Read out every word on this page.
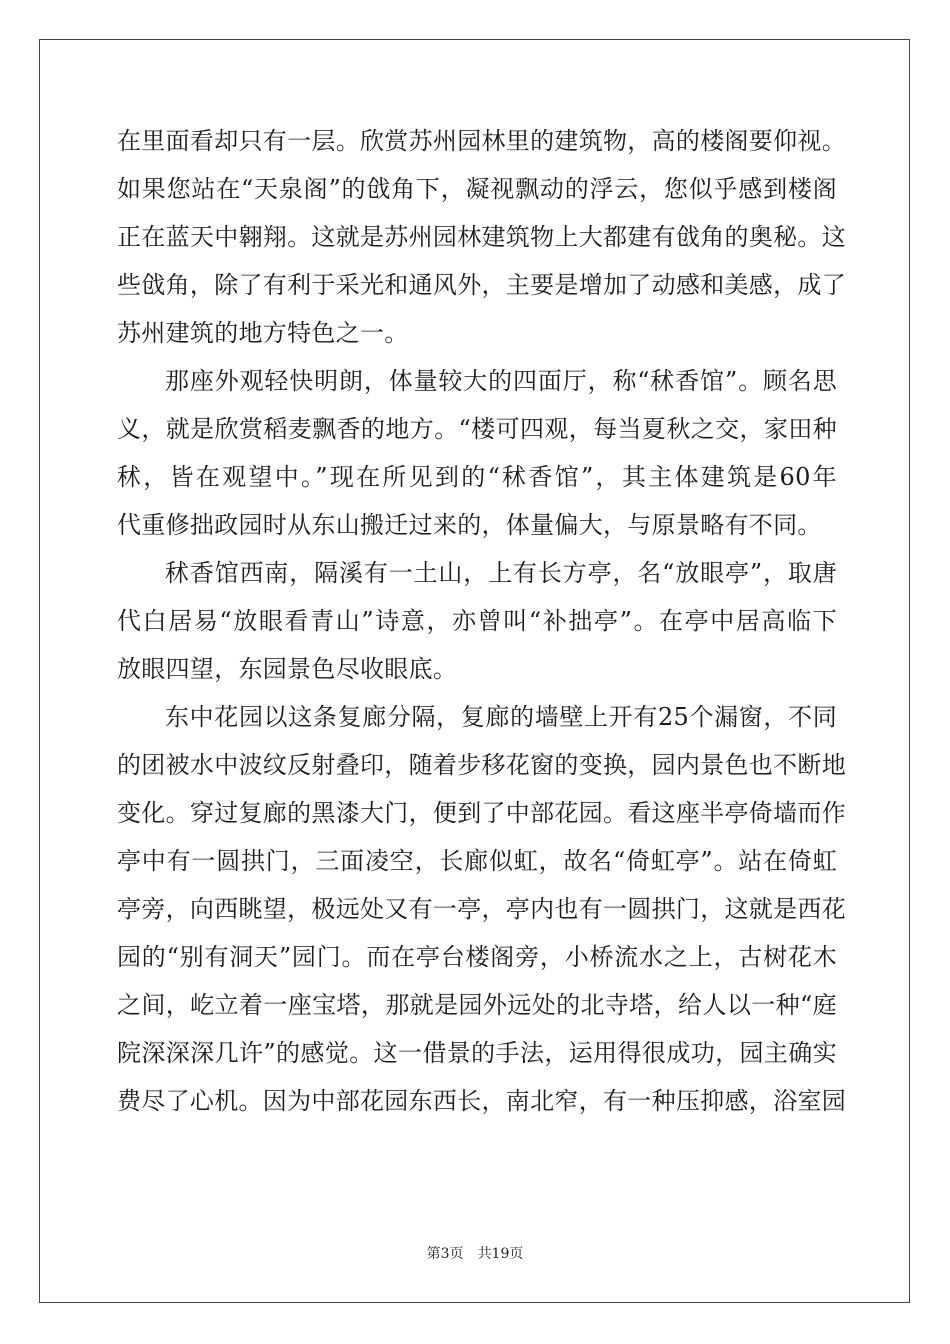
在里面看却只有一层。欣赏苏州园林里的建筑物，高的楼阁要仰视。
如果您站在“天泉阁”的戗角下，凝视飘动的浮云，您似乎感到楼阁
正在蓝天中翱翔。这就是苏州园林建筑物上大都建有戗角的奥秘。这
些戗角，除了有利于采光和通风外，主要是增加了动感和美感，成了
苏州建筑的地方特色之一。

那座外观轻快明朗，体量较大的四面厅，称“秫香馆”。顾名思
义，就是欣赏稻麦飘香的地方。“楼可四观，每当夏秋之交，家田种
秫，皆在观望中。”现在所见到的“秫香馆”，其主体建筑是60年
代重修拙政园时从东山搬迁过来的，体量偏大，与原景略有不同。

秫香馆西南，隔溪有一土山，上有长方亭，名“放眼亭”，取唐
代白居易“放眼看青山”诗意，亦曾叫“补拙亭”。在亭中居高临下
放眼四望，东园景色尽收眼底。

东中花园以这条复廊分隔，复廊的墙壁上开有25个漏窗，不同
的团被水中波纹反射叠印，随着步移花窗的变换，园内景色也不断地
变化。穿过复廊的黑漆大门，便到了中部花园。看这座半亭倚墙而作
亭中有一圆拱门，三面凌空，长廊似虹，故名“倚虹亭”。站在倚虹
亭旁，向西眺望，极远处又有一亭，亭内也有一圆拱门，这就是西花
园的“别有洞天”园门。而在亭台楼阁旁，小桥流水之上，古树花木
之间，屹立着一座宝塔，那就是园外远处的北寺塔，给人以一种“庭
院深深深几许”的感觉。这一借景的手法，运用得很成功，园主确实
费尽了心机。因为中部花园东西长，南北窄，有一种压抑感，浴室园

第3页 共19页
